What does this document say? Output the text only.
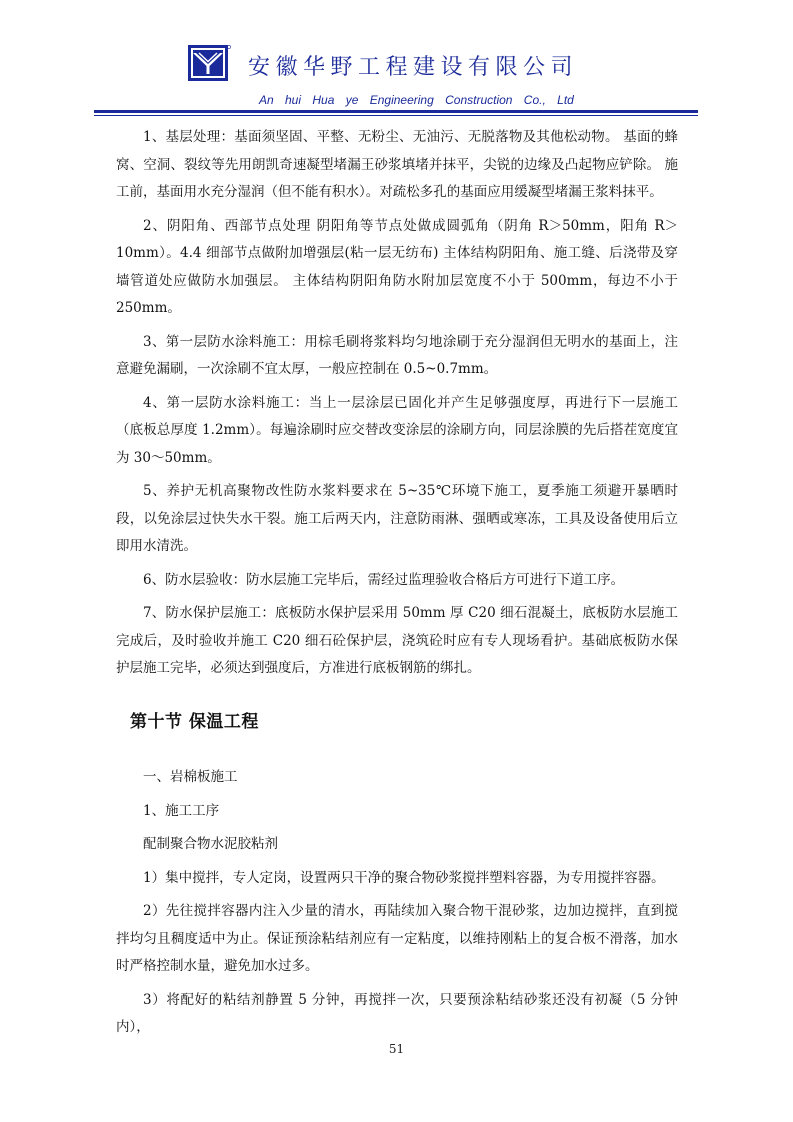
安徽华野工程建设有限公司
An hui Hua ye Engineering Construction Co., Ltd

1、基层处理：基面须坚固、平整、无粉尘、无油污、无脱落物及其他松动物。 基面的蜂窝、空洞、裂纹等先用朗凯奇速凝型堵漏王砂浆填堵并抹平，尖锐的边缘及凸起物应铲除。 施工前，基面用水充分湿润（但不能有积水）。对疏松多孔的基面应用缓凝型堵漏王浆料抹平。

2、阴阳角、西部节点处理 阴阳角等节点处做成圆弧角（阴角 R＞50mm，阳角 R＞10mm）。4.4 细部节点做附加增强层(粘一层无纺布) 主体结构阴阳角、施工缝、后浇带及穿墙管道处应做防水加强层。 主体结构阴阳角防水附加层宽度不小于 500mm，每边不小于 250mm。

3、第一层防水涂料施工：用棕毛刷将浆料均匀地涂刷于充分湿润但无明水的基面上，注意避免漏刷，一次涂刷不宜太厚，一般应控制在 0.5~0.7mm。

4、第一层防水涂料施工：当上一层涂层已固化并产生足够强度厚，再进行下一层施工（底板总厚度 1.2mm）。每遍涂刷时应交替改变涂层的涂刷方向，同层涂膜的先后搭茬宽度宜为 30～50mm。

5、养护无机高聚物改性防水浆料要求在 5~35℃环境下施工，夏季施工须避开暴晒时段，以免涂层过快失水干裂。施工后两天内，注意防雨淋、强晒或寒冻，工具及设备使用后立即用水清洗。

6、防水层验收：防水层施工完毕后，需经过监理验收合格后方可进行下道工序。

7、防水保护层施工：底板防水保护层采用 50mm 厚 C20 细石混凝土，底板防水层施工完成后，及时验收并施工 C20 细石砼保护层，浇筑砼时应有专人现场看护。基础底板防水保护层施工完毕，必须达到强度后，方准进行底板钢筋的绑扎。

第十节 保温工程

一、岩棉板施工

1、施工工序

配制聚合物水泥胶粘剂

1）集中搅拌，专人定岗，设置两只干净的聚合物砂浆搅拌塑料容器，为专用搅拌容器。

2）先往搅拌容器内注入少量的清水，再陆续加入聚合物干混砂浆，边加边搅拌，直到搅拌均匀且稠度适中为止。保证预涂粘结剂应有一定粘度，以维持刚粘上的复合板不滑落，加水时严格控制水量，避免加水过多。

3）将配好的粘结剂静置 5 分钟，再搅拌一次，只要预涂粘结砂浆还没有初凝（5 分钟内），

51
